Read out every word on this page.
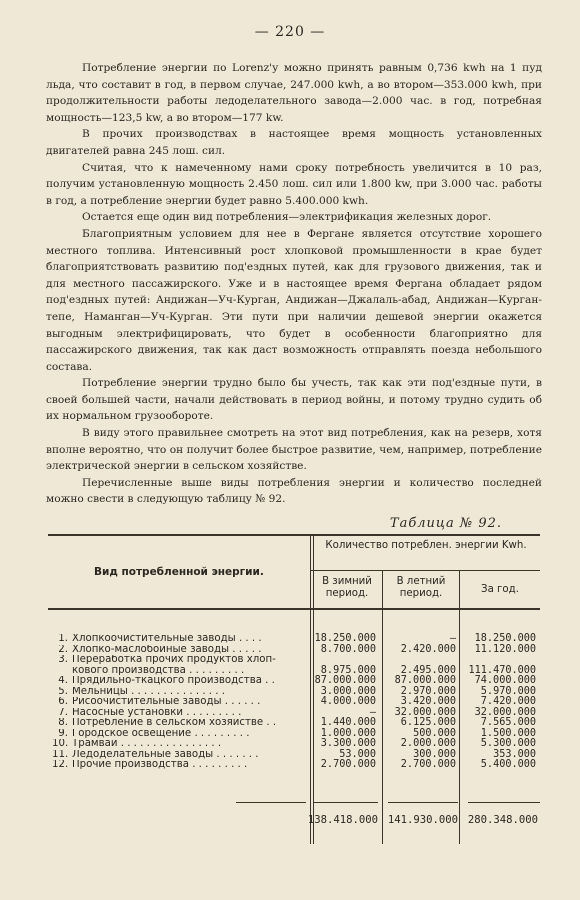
— 220 —

Потребление энергии по Lorenz'у можно принять равным 0,736 kwh на 1 пуд льда, что составит в год, в первом случае, 247.000 kwh, а во втором—353.000 kwh, при продолжительности работы ледоделательного завода—2.000 час. в год, потребная мощность—123,5 kw, а во втором—177 kw.

В прочих производствах в настоящее время мощность установленных двигателей равна 245 лош. сил.

Считая, что к намеченному нами сроку потребность увеличится в 10 раз, получим установленную мощность 2.450 лош. сил или 1.800 kw, при 3.000 час. работы в год, а потребление энергии будет равно 5.400.000 kwh.

Остается еще один вид потребления—электрификация железных дорог.

Благоприятным условием для нее в Фергане является отсутствие хорошего местного топлива. Интенсивный рост хлопковой промышленности в крае будет благоприятствовать развитию под'ездных путей, как для грузового движения, так и для местного пассажирского. Уже и в настоящее время Фергана обладает рядом под'ездных путей: Андижан—Уч-Курган, Андижан—Джалаль-абад, Андижан—Курган-тепе, Наманган—Уч-Курган. Эти пути при наличии дешевой энергии окажется выгодным электрифицировать, что будет в особенности благоприятно для пассажирского движения, так как даст возможность отправлять поезда небольшого состава.

Потребление энергии трудно было бы учесть, так как эти под'ездные пути, в своей большей части, начали действовать в период войны, и потому трудно судить об их нормальном грузообороте.

В виду этого правильнее смотреть на этот вид потребления, как на резерв, хотя вполне вероятно, что он получит более быстрое развитие, чем, например, потребление электрической энергии в сельском хозяйстве.

Перечисленные выше виды потребления энергии и количество последней можно свести в следующую таблицу № 92.

Таблица № 92.
Вид потребленной энергии.
Количество потреблен. энергии Kwh.
В зимний период.
В летний период.	За год.
1. Хлопкоочистительные заводы . . . .
2. Хлопко-маслобойные заводы . . . . .
3. Переработка прочих продуктов хлоп-
кового производства . . . . . . . . .
4. Прядильно-ткацкого производства . .
5. Мельницы . . . . . . . . . . . . . . .
6. Рисоочистительные заводы . . . . . .
7. Насосные установки . . . . . . . . .
8. Потребление в сельском хозяйстве . .
9. Городское освещение . . . . . . . . .
10. Трамвай . . . . . . . . . . . . . . . .
11. Ледоделательные заводы . . . . . . .
12. Прочие производства . . . . . . . . .
18.250.000
8.700.000
8.975.000
87.000.000
3.000.000
4.000.000
—
1.440.000
1.000.000
3.300.000
53.000
2.700.000
—
2.420.000
2.495.000
87.000.000
2.970.000
3.420.000
32.000.000
6.125.000
500.000
2.000.000
300.000
2.700.000
18.250.000
11.120.000
111.470.000
74.000.000
5.970.000
7.420.000
32.000.000
7.565.000
1.500.000
5.300.000
353.000
5.400.000
138.418.000 141.930.000 280.348.000
